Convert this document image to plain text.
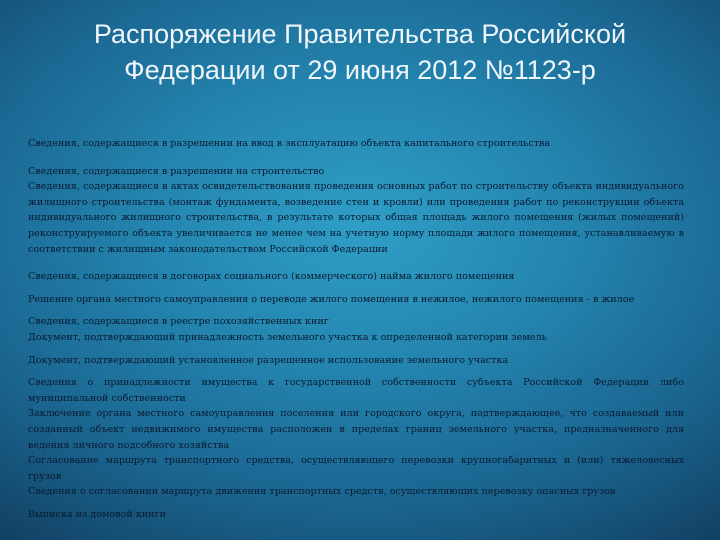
Распоряжение Правительства Российской
Федерации от 29 июня 2012 №1123-р

Сведения, содержащиеся в разрешении на ввод в эксплуатацию объекта капитального строительства

Сведения, содержащиеся в разрешении на строительство

Сведения, содержащиеся в актах освидетельствования проведения основных работ по строительству объекта индивидуального жилищного строительства (монтаж фундамента, возведение стен и кровли) или проведения работ по реконструкции объекта индивидуального жилищного строительства, в результате которых общая площадь жилого помещения (жилых помещений) реконструируемого объекта увеличивается не менее чем на учетную норму площади жилого помещения, устанавливаемую в соответствии с жилищным законодательством Российской Федерации

Сведения, содержащиеся в договорах социального (коммерческого) найма жилого помещения

Решение органа местного самоуправления о переводе жилого помещения в нежилое, нежилого помещения - в жилое

Сведения, содержащиеся в реестре похозяйственных книг

Документ, подтверждающий принадлежность земельного участка к определенной категории земель

Документ, подтверждающий установленное разрешенное использование земельного участка

Сведения о принадлежности имущества к государственной собственности субъекта Российской Федерации либо муниципальной собственности

Заключение органа местного самоуправления поселения или городского округа, подтверждающее, что создаваемый или созданный объект недвижимого имущества расположен в пределах границ земельного участка, предназначенного для ведения личного подсобного хозяйства

Согласование маршрута транспортного средства, осуществляющего перевозки крупногабаритных и (или) тяжеловесных грузов

Сведения о согласовании маршрута движения транспортных средств, осуществляющих перевозку опасных грузов

Выписка из домовой книги
